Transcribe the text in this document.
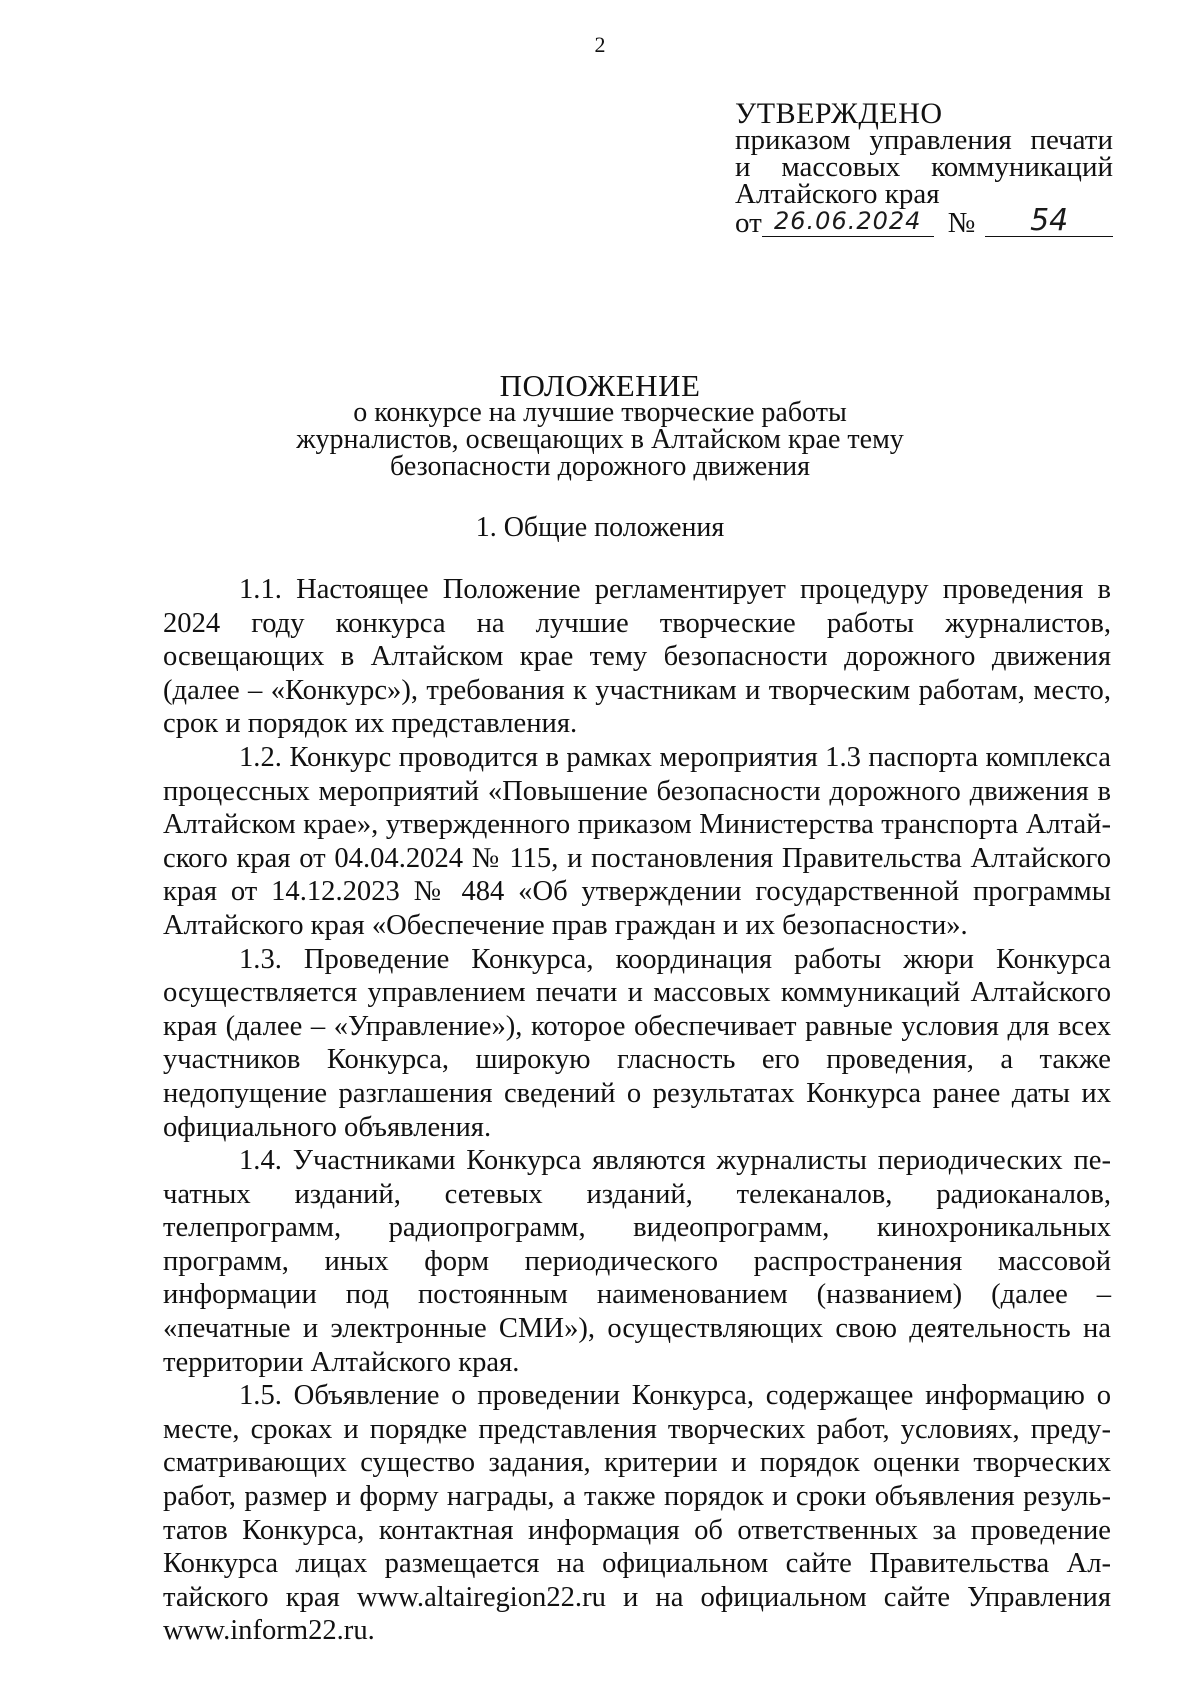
2
УТВЕРЖДЕНО
приказом управления печати
и массовых коммуникаций
Алтайского края
от 26.06.2024 №	54
ПОЛОЖЕНИЕ
о конкурсе на лучшие творческие работы
журналистов, освещающих в Алтайском крае тему
безопасности дорожного движения
1. Общие положения

1.1. Настоящее Положение регламентирует процедуру проведения в 2024 году конкурса на лучшие творческие работы журналистов, освещающих в Алтайском крае тему безопасности дорожного движения (далее – «Конкурс»), требования к участникам и творческим работам, место, срок и порядок их представления.

1.2. Конкурс проводится в рамках мероприятия 1.3 паспорта комплекса процессных мероприятий «Повышение безопасности дорожного движения в Алтайском крае», утвержденного приказом Министерства транспорта Алтайского края от 04.04.2024 № 115, и постановления Правительства Алтайского края от 14.12.2023 № 484 «Об утверждении государственной программы Алтайского края «Обеспечение прав граждан и их безопасности».

1.3. Проведение Конкурса, координация работы жюри Конкурса осуществляется управлением печати и массовых коммуникаций Алтайского края (далее – «Управление»), которое обеспечивает равные условия для всех участников Конкурса, широкую гласность его проведения, а также недопущение разглашения сведений о результатах Конкурса ранее даты их официального объявления.

1.4. Участниками Конкурса являются журналисты периодических печатных изданий, сетевых изданий, телеканалов, радиоканалов, телепрограмм, радиопрограмм, видеопрограмм, кинохроникальных программ, иных форм периодического распространения массовой информации под постоянным наименованием (названием) (далее – «печатные и электронные СМИ»), осуществляющих свою деятельность на территории Алтайского края.

1.5. Объявление о проведении Конкурса, содержащее информацию о месте, сроках и порядке представления творческих работ, условиях, предусматривающих существо задания, критерии и порядок оценки творческих работ, размер и форму награды, а также порядок и сроки объявления результатов Конкурса, контактная информация об ответственных за проведение Конкурса лицах размещается на официальном сайте Правительства Алтайского края www.altairegion22.ru и на официальном сайте Управления www.inform22.ru.
